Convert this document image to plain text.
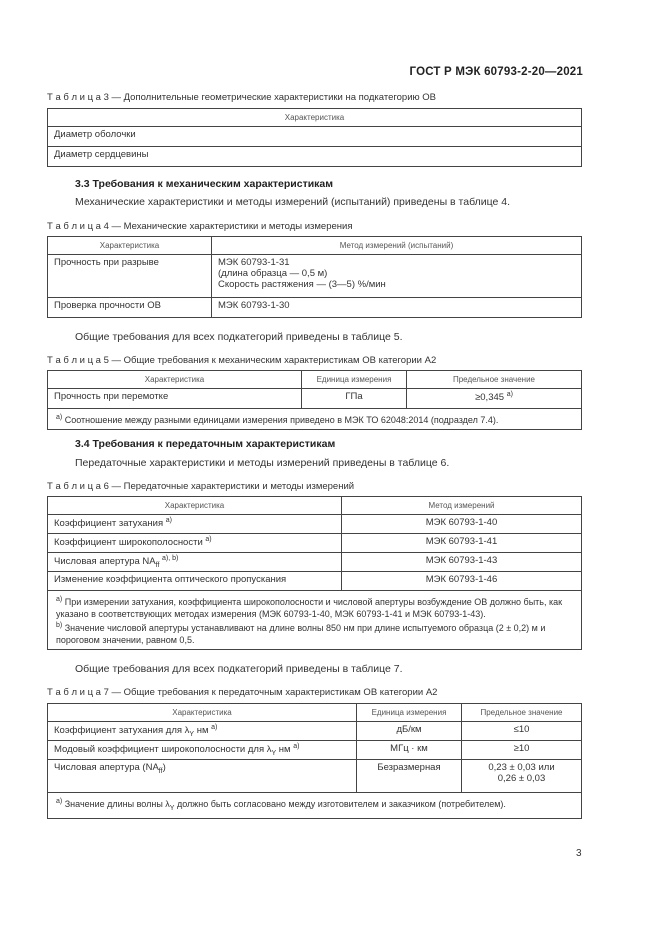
ГОСТ Р МЭК 60793-2-20—2021
Т а б л и ц а 3 — Дополнительные геометрические характеристики на подкатегорию ОВ
Характеристика
Диаметр оболочки
Диаметр сердцевины
3.3 Требования к механическим характеристикам
Механические характеристики и методы измерений (испытаний) приведены в таблице 4.
Т а б л и ц а 4 — Механические характеристики и методы измерения
Характеристика	Метод измерений (испытаний)
Прочность при разрыве	МЭК 60793-1-31
(длина образца — 0,5 м)
Скорость растяжения — (3—5) %/мин

Проверка прочности ОВ	МЭК 60793-1-30
Общие требования для всех подкатегорий приведены в таблице 5.
Т а б л и ц а 5 — Общие требования к механическим характеристикам ОВ категории А2
Характеристика	Единица измерения	Предельное значение
Прочность при перемотке	ГПа	≥0,345 $^{a)}$
$^{a)}$ Соотношение между разными единицами измерения приведено в МЭК ТО 62048:2014 (подраздел 7.4).		
3.4 Требования к передаточным характеристикам
Передаточные характеристики и методы измерений приведены в таблице 6.
Т а б л и ц а 6 — Передаточные характеристики и методы измерений
Характеристика	Метод измерений
Коэффициент затухания $^{a)}$	МЭК 60793-1-40
Коэффициент широкополосности $^{a)}$	МЭК 60793-1-41
Числовая апертура $NA_{ff}$ $^{a), b)}$	МЭК 60793-1-43
Изменение коэффициента оптического пропускания	МЭК 60793-1-46

$^{a)}$ При измерении затухания, коэффициента широкополосности и числовой апертуры возбуждение ОВ должно быть, как указано в соответствующих методах измерения (МЭК 60793-1-40, МЭК 60793-1-41 и МЭК 60793-1-43).
$^{b)}$ Значение числовой апертуры устанавливают на длине волны 850 нм при длине испытуемого образца (2 ± 0,2) м и пороговом значении, равном 0,5.	
Общие требования для всех подкатегорий приведены в таблице 7.
Т а б л и ц а 7 — Общие требования к передаточным характеристикам ОВ категории А2
Характеристика	Единица измерения	Предельное значение
Коэффициент затухания для $\lambda_Y$ нм $^{a)}$	дБ/км	≤10
Модовый коэффициент широкополосности для $\lambda_Y$ нм $^{a)}$	МГц · км	≥10
Числовая апертура $(NA_{ff})$	Безразмерная	0,23 ± 0,03 или
0,26 ± 0,03

$^{a)}$ Значение длины волны $\lambda_Y$ должно быть согласовано между изготовителем и заказчиком (потребителем).		
3
